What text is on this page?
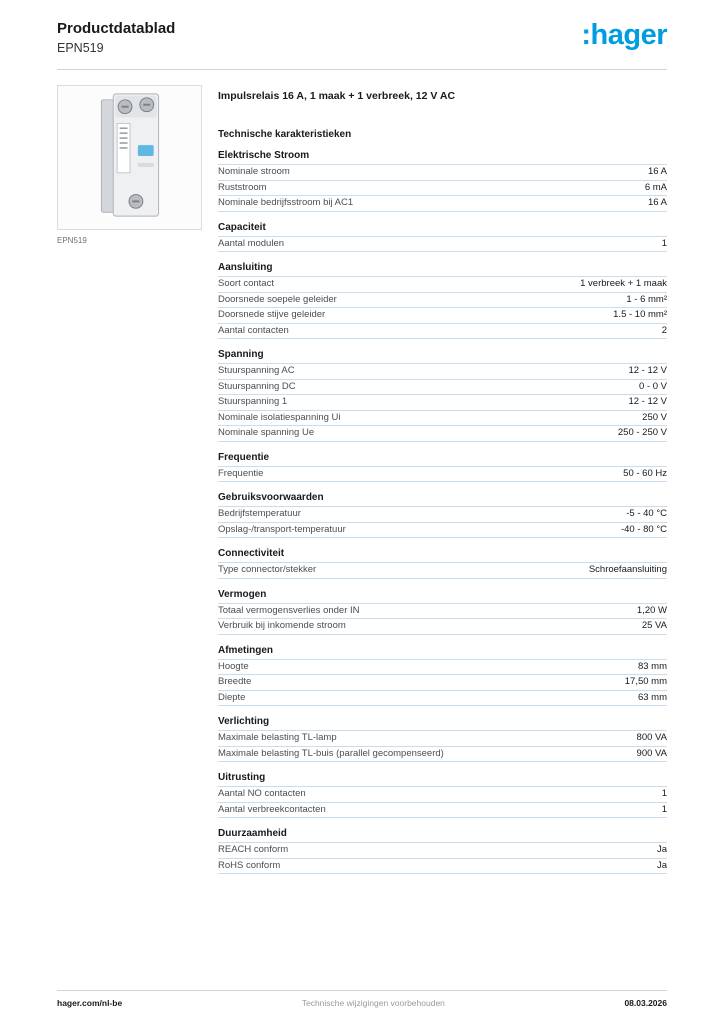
Productdatablad
EPN519	:hager
EPN519
Impulsrelais 16 A, 1 maak + 1 verbreek, 12 V AC
Technische karakteristieken
Elektrische Stroom
Nominale stroom	16 A
Ruststroom	6 mA
Nominale bedrijfsstroom bij AC1	16 A
Capaciteit
Aantal modulen	1
Aansluiting
Soort contact	1 verbreek + 1 maak
Doorsnede soepele geleider	1 - 6 mm²
Doorsnede stijve geleider	1.5 - 10 mm²
Aantal contacten	2
Spanning
Stuurspanning AC	12 - 12 V
Stuurspanning DC	0 - 0 V
Stuurspanning 1	12 - 12 V
Nominale isolatiespanning Ui	250 V
Nominale spanning Ue	250 - 250 V
Frequentie
Frequentie	50 - 60 Hz
Gebruiksvoorwaarden
Bedrijfstemperatuur	-5 - 40 °C
Opslag-/transport-temperatuur	-40 - 80 °C
Connectiviteit
Type connector/stekker	Schroefaansluiting
Vermogen
Totaal vermogensverlies onder IN	1,20 W
Verbruik bij inkomende stroom	25 VA
Afmetingen
Hoogte	83 mm
Breedte	17,50 mm
Diepte	63 mm
Verlichting
Maximale belasting TL-lamp	800 VA
Maximale belasting TL-buis (parallel gecompenseerd)	900 VA
Uitrusting
Aantal NO contacten	1
Aantal verbreekcontacten	1
Duurzaamheid
REACH conform	Ja
RoHS conform	Ja
hager.com/nl-be	Technische wijzigingen voorbehouden	08.03.2026
